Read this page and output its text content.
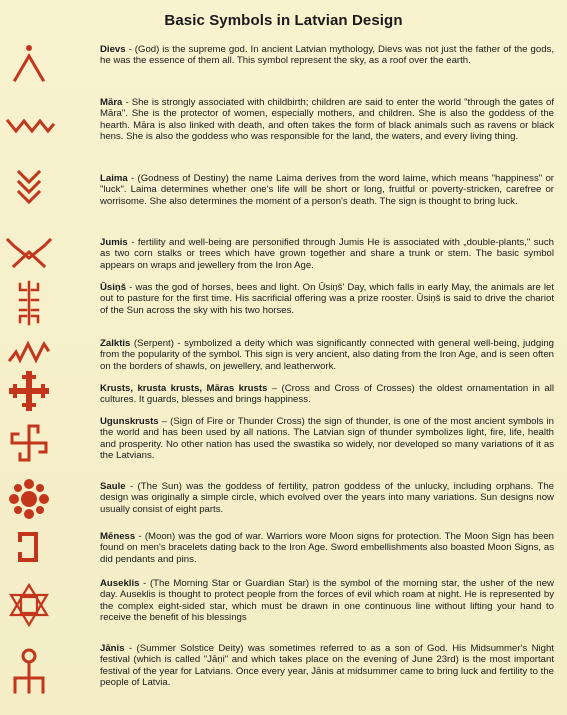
Basic Symbols in Latvian Design
Dievs - (God) is the supreme god. In ancient Latvian mythology, Dievs was not just the father of the gods, he was the essence of them all. This symbol represent the sky, as a roof over the earth.
Māra - She is strongly associated with childbirth; children are said to enter the world "through the gates of Māra". She is the protector of women, especially mothers, and children. She is also the goddess of the hearth. Māra is also linked with death, and often takes the form of black animals such as ravens or black hens. She is also the goddess who was responsible for the land, the waters, and every living thing.
Laima - (Godness of Destiny) the name Laima derives from the word laime, which means "happiness" or "luck". Laima determines whether one's life will be short or long, fruitful or poverty-stricken, carefree or worrisome. She also determines the moment of a person's death. The sign is thought to bring luck.
Jumis - fertility and well-being are personified through Jumis He is associated with „double-plants," such as two corn stalks or trees which have grown together and share a trunk or stem. The basic symbol appears on wraps and jewellery from the Iron Age.
Ūsiņš - was the god of horses, bees and light. On Ūsiņš' Day, which falls in early May, the animals are let out to pasture for the first time. His sacrificial offering was a prize rooster. Ūsiņš is said to drive the chariot of the Sun across the sky with his two horses.
Zalktis (Serpent) - symbolized a deity which was significantly connected with general well-being, judging from the popularity of the symbol. This sign is very ancient, also dating from the Iron Age, and is seen often on the borders of shawls, on jewellery, and leatherwork.
Krusts, krusta krusts, Māras krusts – (Cross and Cross of Crosses) the oldest ornamentation in all cultures. It guards, blesses and brings happiness.
Ugunskrusts – (Sign of Fire or Thunder Cross) the sign of thunder, is one of the most ancient symbols in the world and has been used by all nations. The Latvian sign of thunder symbolizes light, fire, life, health and prosperity. No other nation has used the swastika so widely, nor developed so many variations of it as the Latvians.
Saule - (The Sun) was the goddess of fertility, patron goddess of the unlucky, including orphans. The design was originally a simple circle, which evolved over the years into many variations. Sun designs now usually consist of eight parts.
Mēness - (Moon) was the god of war. Warriors wore Moon signs for protection. The Moon Sign has been found on men's bracelets dating back to the Iron Age. Sword embellishments also boasted Moon Signs, as did pendants and pins.
Auseklis - (The Morning Star or Guardian Star) is the symbol of the morning star, the usher of the new day. Auseklis is thought to protect people from the forces of evil which roam at night. He is represented by the complex eight-sided star, which must be drawn in one continuous line without lifting your hand to receive the benefit of his blessings
Jānis - (Summer Solstice Deity) was sometimes referred to as a son of God. His Midsummer's Night festival (which is called "Jāņi" and which takes place on the evening of June 23rd) is the most important festival of the year for Latvians. Once every year, Jānis at midsummer came to bring luck and fertility to the people of Latvia.
